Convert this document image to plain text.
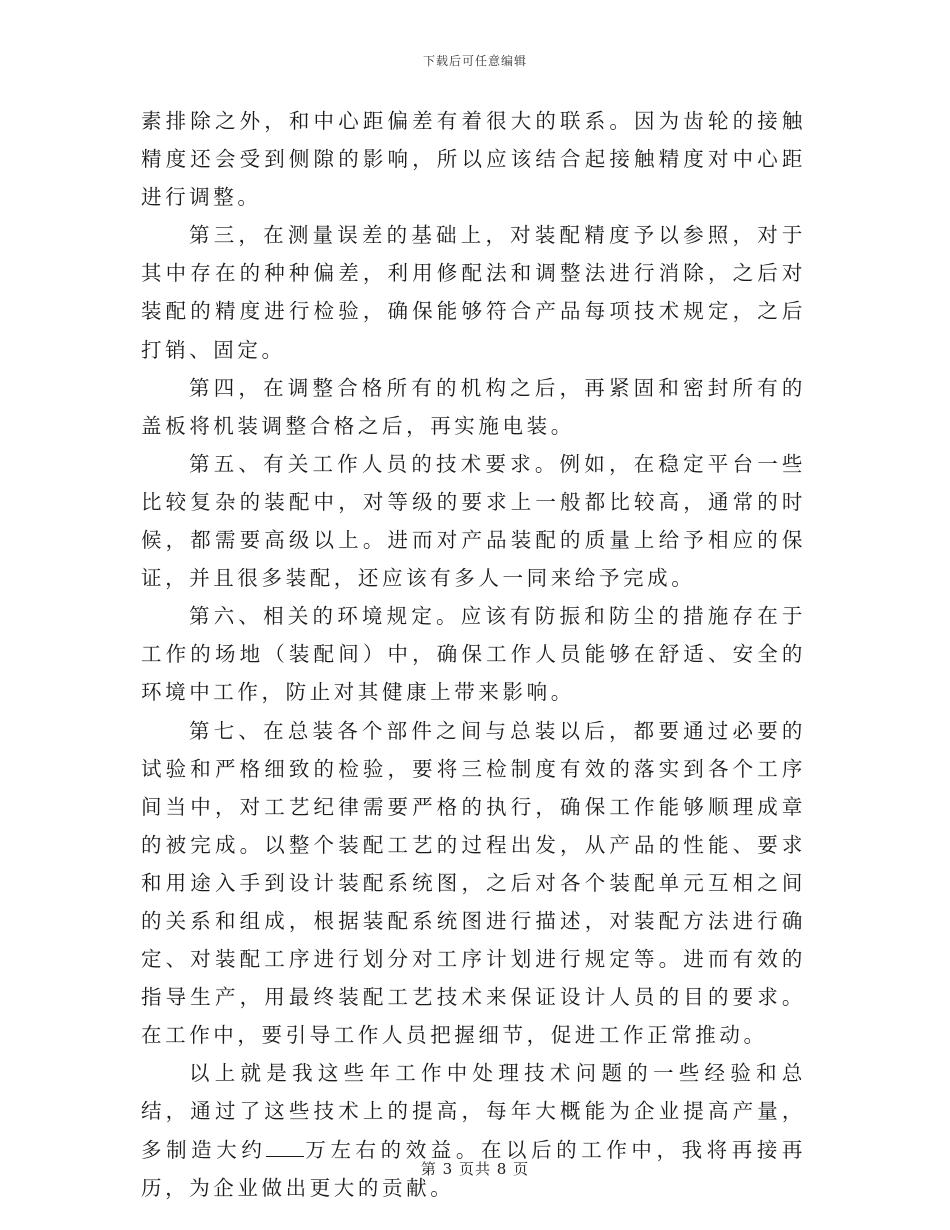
下载后可任意编辑

素排除之外，和中心距偏差有着很大的联系。因为齿轮的接触精度还会受到侧隙的影响，所以应该结合起接触精度对中心距进行调整。

第三，在测量误差的基础上，对装配精度予以参照，对于其中存在的种种偏差，利用修配法和调整法进行消除，之后对装配的精度进行检验，确保能够符合产品每项技术规定，之后打销、固定。

第四，在调整合格所有的机构之后，再紧固和密封所有的盖板将机装调整合格之后，再实施电装。

第五、有关工作人员的技术要求。例如，在稳定平台一些比较复杂的装配中，对等级的要求上一般都比较高，通常的时候，都需要高级以上。进而对产品装配的质量上给予相应的保证，并且很多装配，还应该有多人一同来给予完成。

第六、相关的环境规定。应该有防振和防尘的措施存在于工作的场地（装配间）中，确保工作人员能够在舒适、安全的环境中工作，防止对其健康上带来影响。

第七、在总装各个部件之间与总装以后，都要通过必要的试验和严格细致的检验，要将三检制度有效的落实到各个工序间当中，对工艺纪律需要严格的执行，确保工作能够顺理成章的被完成。以整个装配工艺的过程出发，从产品的性能、要求和用途入手到设计装配系统图，之后对各个装配单元互相之间的关系和组成，根据装配系统图进行描述，对装配方法进行确定、对装配工序进行划分对工序计划进行规定等。进而有效的指导生产，用最终装配工艺技术来保证设计人员的目的要求。在工作中，要引导工作人员把握细节，促进工作正常推动。

以上就是我这些年工作中处理技术问题的一些经验和总结，通过了这些技术上的提高，每年大概能为企业提高产量，多制造大约 万左右的效益。在以后的工作中，我将再接再历，为企业做出更大的贡献。

第 3 页共 8 页
